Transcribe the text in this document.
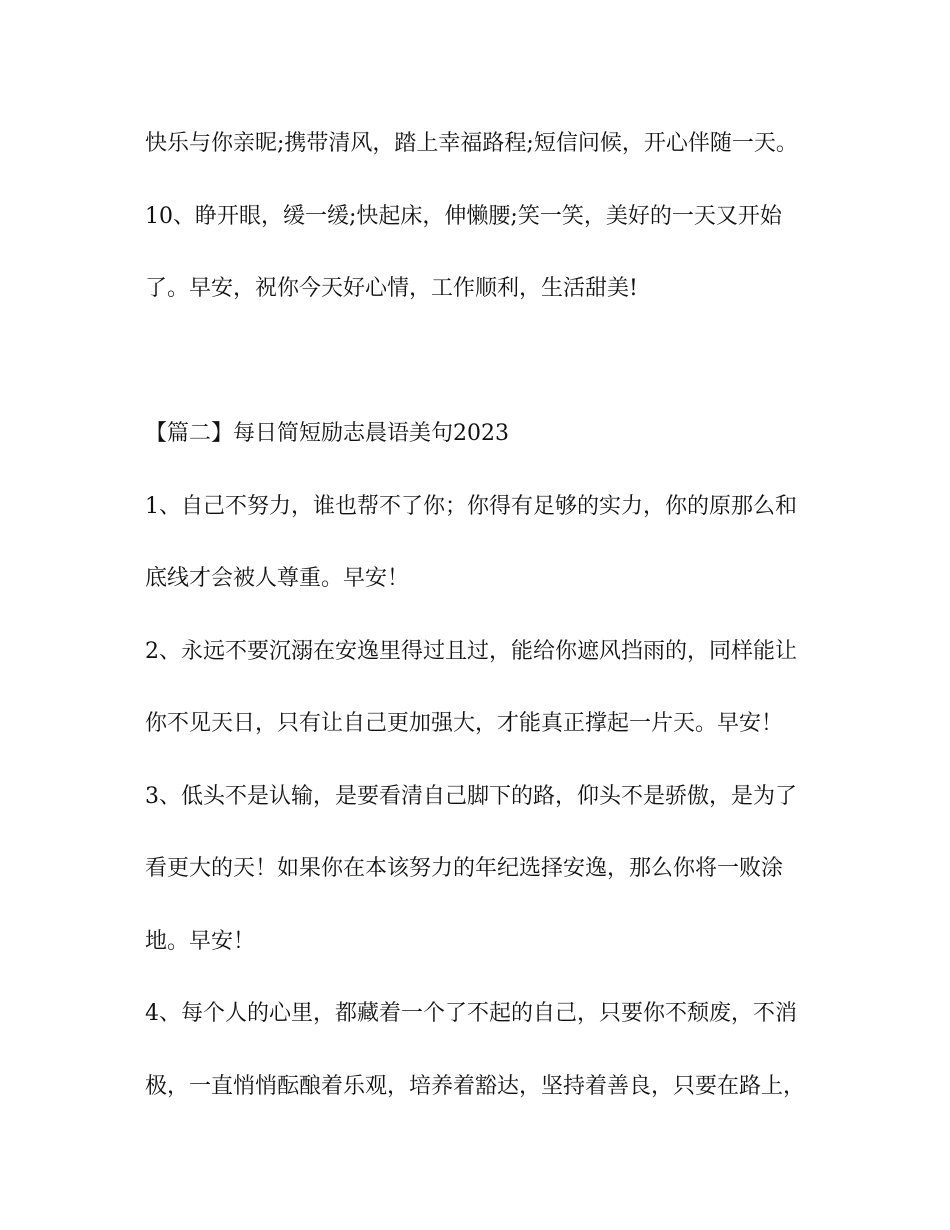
快乐与你亲昵;携带清风，踏上幸福路程;短信问候，开心伴随一天。
10、睁开眼，缓一缓;快起床，伸懒腰;笑一笑，美好的一天又开始
了。早安，祝你今天好心情，工作顺利，生活甜美!
【篇二】每日简短励志晨语美句2023
1、自己不努力，谁也帮不了你；你得有足够的实力，你的原那么和
底线才会被人尊重。早安！
2、永远不要沉溺在安逸里得过且过，能给你遮风挡雨的，同样能让
你不见天日，只有让自己更加强大，才能真正撑起一片天。早安！
3、低头不是认输，是要看清自己脚下的路，仰头不是骄傲，是为了
看更大的天！如果你在本该努力的年纪选择安逸，那么你将一败涂
地。早安！
4、每个人的心里，都藏着一个了不起的自己，只要你不颓废，不消
极，一直悄悄酝酿着乐观，培养着豁达，坚持着善良，只要在路上，
